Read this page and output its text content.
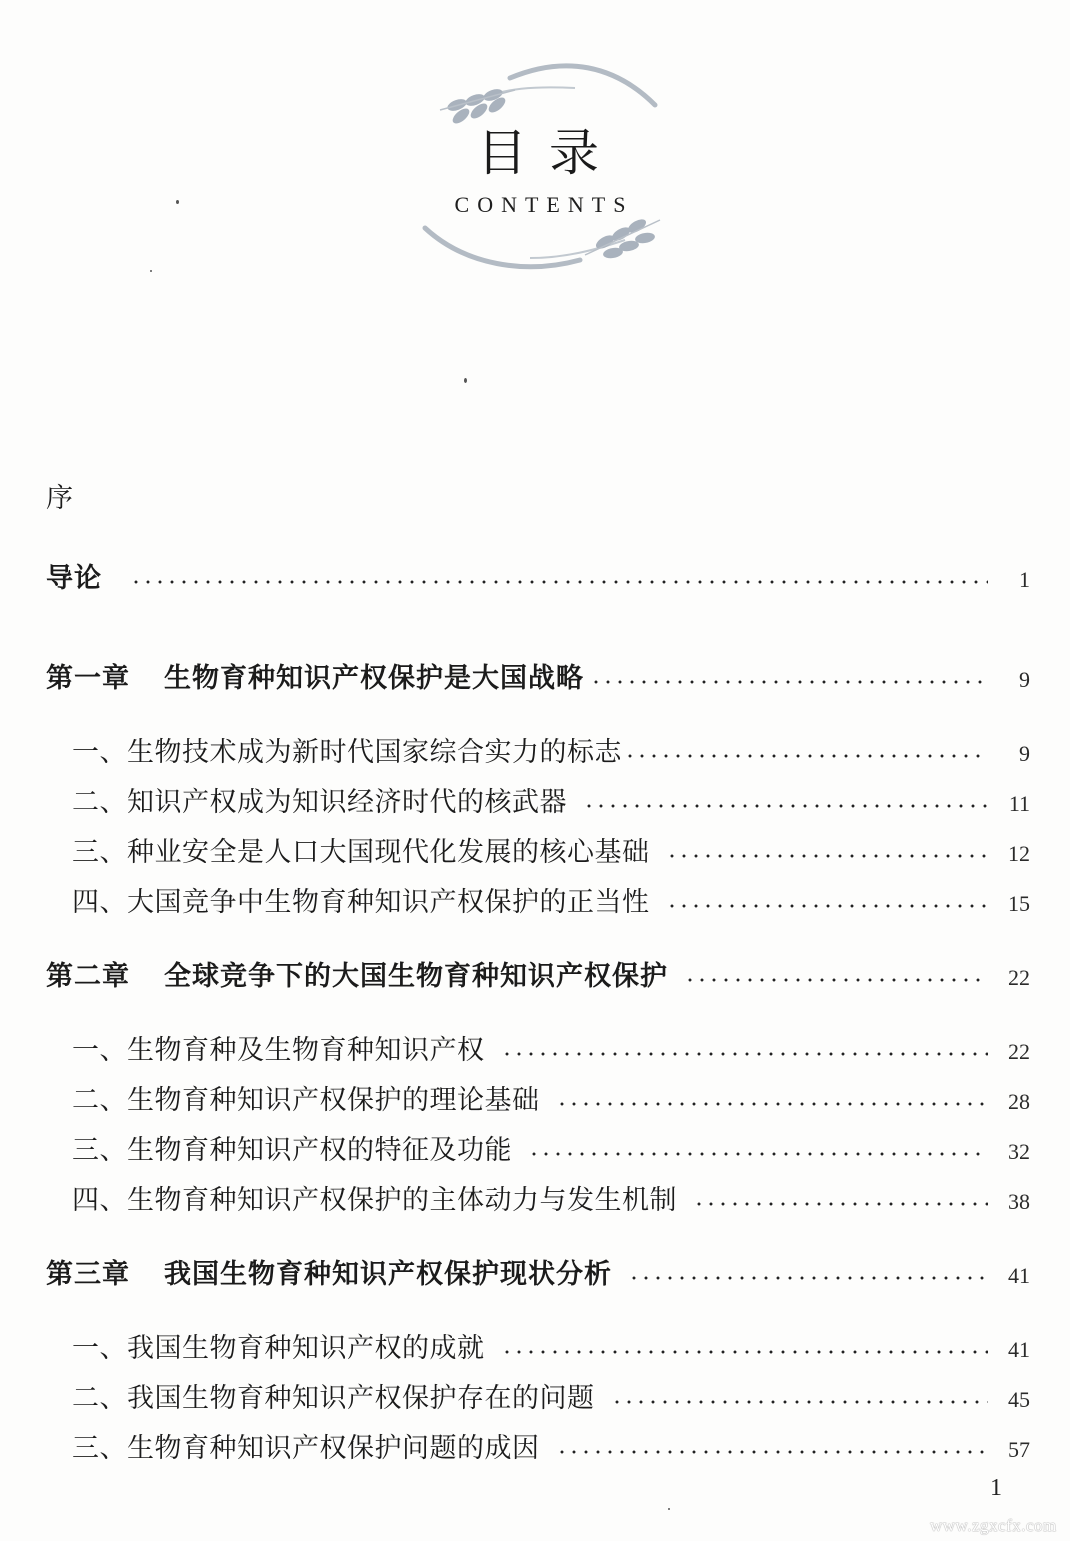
目录
CONTENTS
序
导论	1
第一章 生物育种知识产权保护是大国战略	9
一、生物技术成为新时代国家综合实力的标志	9
二、知识产权成为知识经济时代的核武器	11
三、种业安全是人口大国现代化发展的核心基础	12
四、大国竞争中生物育种知识产权保护的正当性	15
第二章 全球竞争下的大国生物育种知识产权保护	22
一、生物育种及生物育种知识产权	22
二、生物育种知识产权保护的理论基础	28
三、生物育种知识产权的特征及功能	32
四、生物育种知识产权保护的主体动力与发生机制	38
第三章 我国生物育种知识产权保护现状分析	41
一、我国生物育种知识产权的成就	41
二、我国生物育种知识产权保护存在的问题	45
三、生物育种知识产权保护问题的成因	57
1
www.zgxcfx.com
